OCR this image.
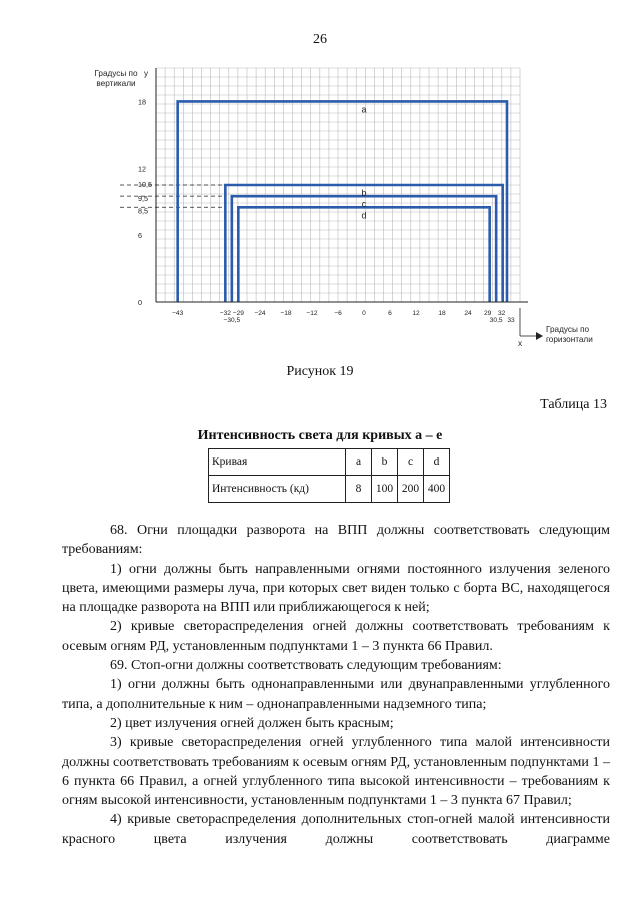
26
a
b
c
d
0
6
8,5
9,5
10,5
12
18
−43	−32
−30,5
−29 −24 −18 −12	−6	0	6	12	18	24 29
30,5
32
33
Градусы по
вертикали
y
Градусы по
горизонтали
x
Рисунок 19
Таблица 13
Интенсивность света для кривых а – е
Кривая	a	b	c	d
Интенсивность (кд)	8	100	200	400

68. Огни площадки разворота на ВПП должны соответствовать следующим требованиям:

1) огни должны быть направленными огнями постоянного излучения зеленого цвета, имеющими размеры луча, при которых свет виден только с борта ВС, находящегося на площадке разворота на ВПП или приближающегося к ней;

2) кривые светораспределения огней должны соответствовать требованиям к осевым огням РД, установленным подпунктами 1 – 3 пункта 66 Правил.

69. Стоп-огни должны соответствовать следующим требованиям:

1) огни должны быть однонаправленными или двунаправленными углубленного типа, а дополнительные к ним – однонаправленными надземного типа;

2) цвет излучения огней должен быть красным;

3) кривые светораспределения огней углубленного типа малой интенсивности должны соответствовать требованиям к осевым огням РД, установленным подпунктами 1 – 6 пункта 66 Правил, а огней углубленного типа высокой интенсивности – требованиям к огням высокой интенсивности, установленным подпунктами 1 – 3 пункта 67 Правил;

4) кривые светораспределения дополнительных стоп-огней малой интенсивности красного цвета излучения должны соответствовать диаграмме
